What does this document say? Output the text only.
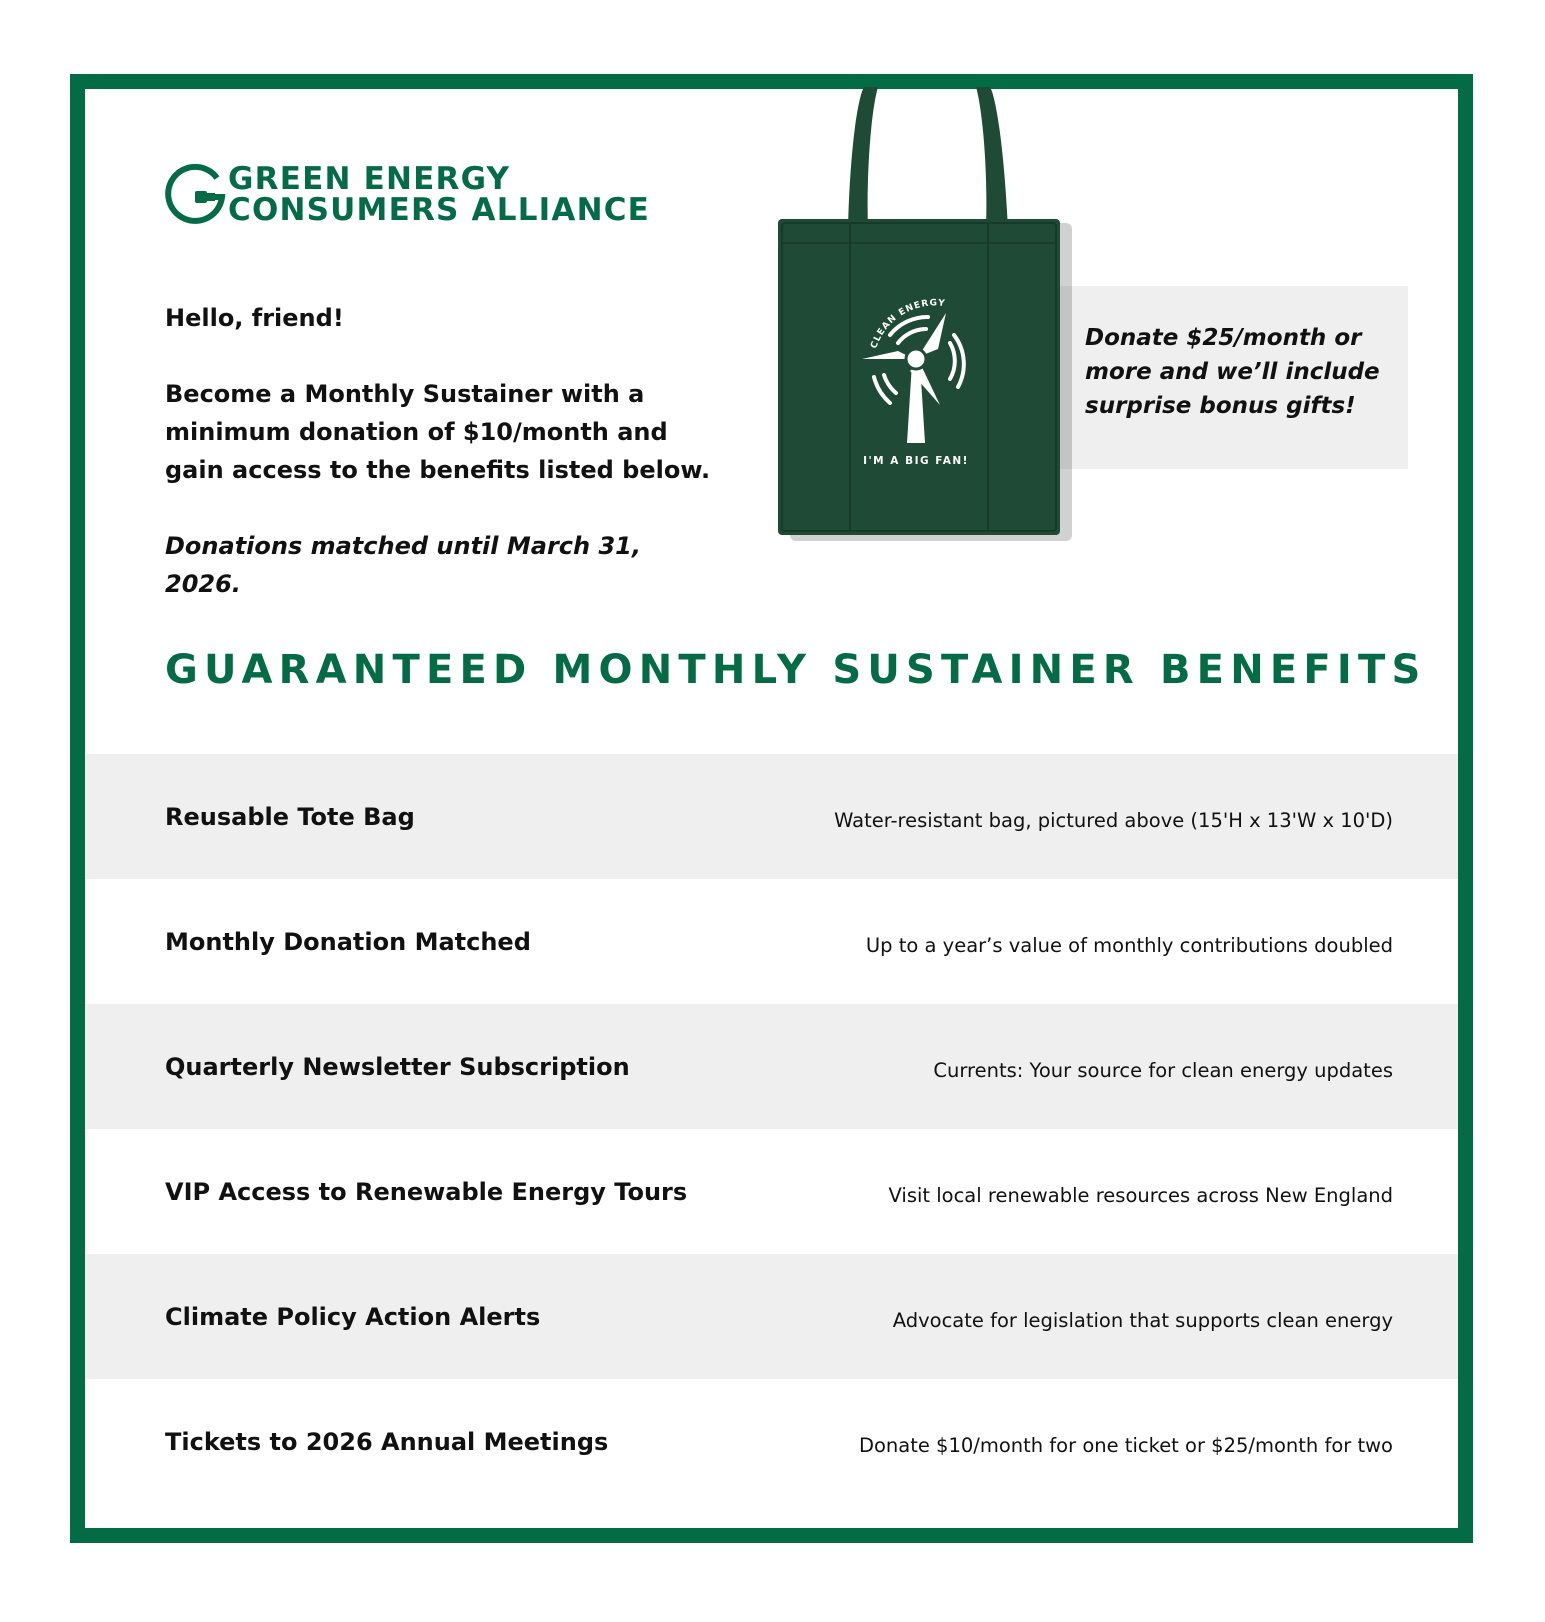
GREEN ENERGY
CONSUMERS ALLIANCE

Hello, friend!

Become a Monthly Sustainer with a minimum donation of $10/month and gain access to the benefits listed below.

Donations matched until March 31, 2026.

CLEAN ENERGY
I'M A BIG FAN!
Donate $25/month or more and we’ll include surprise bonus gifts!
GUARANTEED MONTHLY SUSTAINER BENEFITS
Reusable Tote Bag	Water-resistant bag, pictured above (15'H x 13'W x 10'D)
Monthly Donation Matched	Up to a year’s value of monthly contributions doubled
Quarterly Newsletter Subscription	Currents: Your source for clean energy updates
VIP Access to Renewable Energy Tours	Visit local renewable resources across New England
Climate Policy Action Alerts	Advocate for legislation that supports clean energy
Tickets to 2026 Annual Meetings	Donate $10/month for one ticket or $25/month for two
